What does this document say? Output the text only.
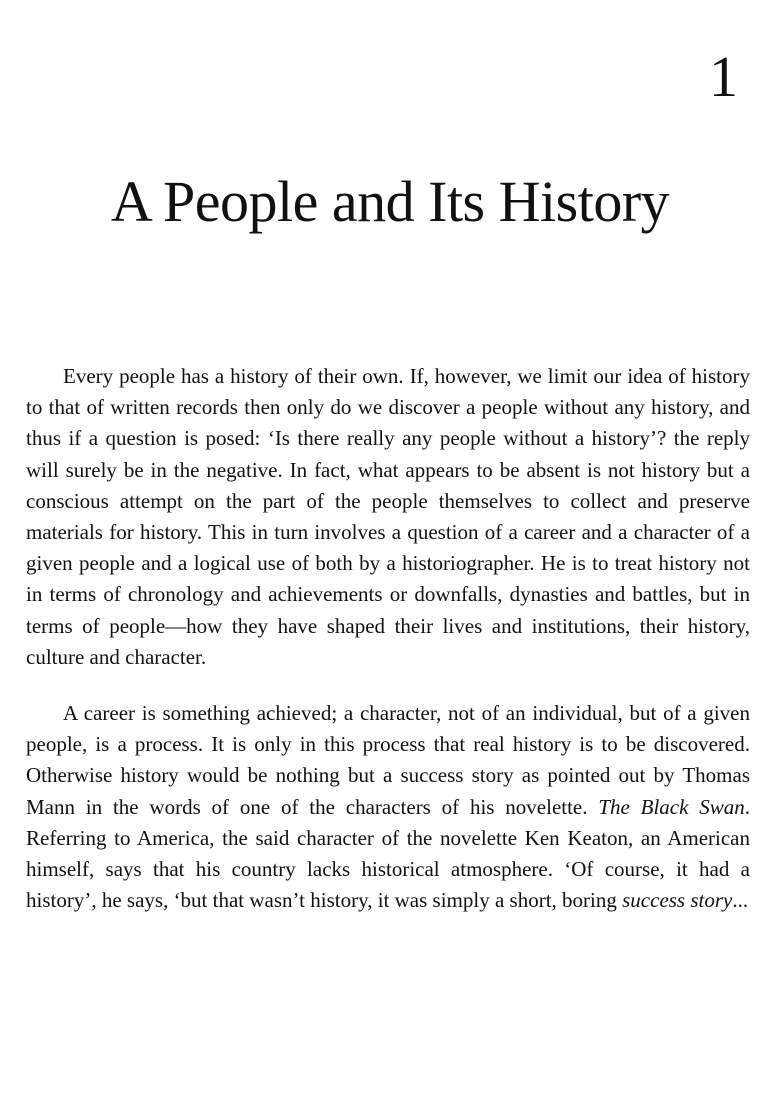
1
A People and Its History

Every people has a history of their own. If, however, we limit our idea of history to that of written records then only do we discover a people without any history, and thus if a question is posed: ‘Is there really any people without a history’? the reply will surely be in the negative. In fact, what appears to be absent is not history but a conscious attempt on the part of the people themselves to collect and preserve materials for history. This in turn involves a question of a career and a character of a given people and a logical use of both by a historiographer. He is to treat history not in terms of chronology and achievements or downfalls, dynasties and battles, but in terms of people—how they have shaped their lives and institutions, their history, culture and character.

A career is something achieved; a character, not of an individual, but of a given people, is a process. It is only in this process that real history is to be discovered. Otherwise history would be nothing but a success story as pointed out by Thomas Mann in the words of one of the characters of his novelette. The Black Swan. Referring to America, the said character of the novelette Ken Keaton, an American himself, says that his country lacks historical atmosphere. ‘Of course, it had a history’, he says, ‘but that wasn’t history, it was simply a short, boring success story...
